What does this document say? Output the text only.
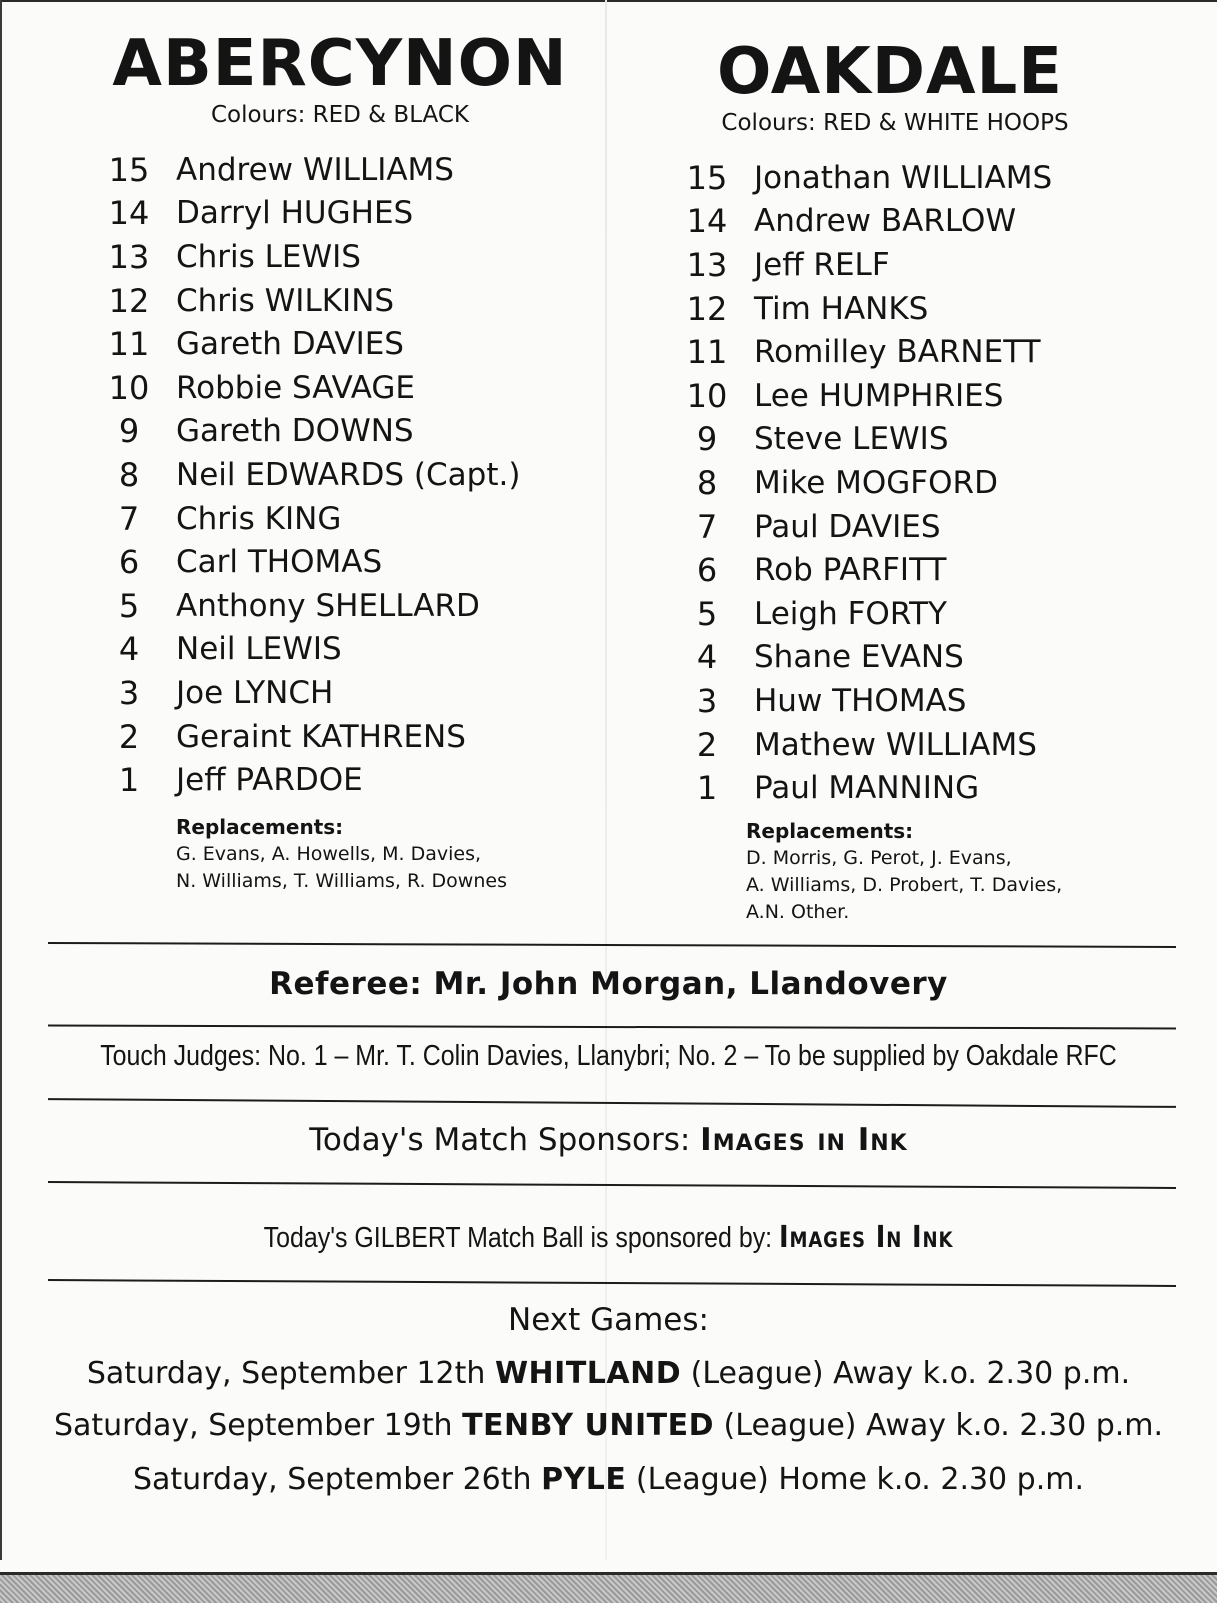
ABERCYNON
Colours: RED & BLACK
15 Andrew WILLIAMS
14 Darryl HUGHES
13 Chris LEWIS
12 Chris WILKINS
11 Gareth DAVIES
10 Robbie SAVAGE
9	Gareth DOWNS
8	Neil EDWARDS (Capt.)
7	Chris KING
6	Carl THOMAS
5	Anthony SHELLARD
4	Neil LEWIS
3	Joe LYNCH
2	Geraint KATHRENS
1	Jeff PARDOE
Replacements:
G. Evans, A. Howells, M. Davies,
N. Williams, T. Williams, R. Downes
OAKDALE
Colours: RED & WHITE HOOPS
15 Jonathan WILLIAMS
14 Andrew BARLOW
13 Jeff RELF
12 Tim HANKS
11 Romilley BARNETT
10 Lee HUMPHRIES
9	Steve LEWIS
8	Mike MOGFORD
7	Paul DAVIES
6	Rob PARFITT
5	Leigh FORTY
4	Shane EVANS
3	Huw THOMAS
2	Mathew WILLIAMS
1	Paul MANNING
Replacements:
D. Morris, G. Perot, J. Evans,
A. Williams, D. Probert, T. Davies,
A.N. Other.
Referee: Mr. John Morgan, Llandovery
Touch Judges: No. 1 – Mr. T. Colin Davies, Llanybri; No. 2 – To be supplied by Oakdale RFC
Today's Match Sponsors: Images in Ink
Today's GILBERT Match Ball is sponsored by: Images In Ink
Next Games:
Saturday, September 12th WHITLAND (League) Away k.o. 2.30 p.m.
Saturday, September 19th TENBY UNITED (League) Away k.o. 2.30 p.m.
Saturday, September 26th PYLE (League) Home k.o. 2.30 p.m.
